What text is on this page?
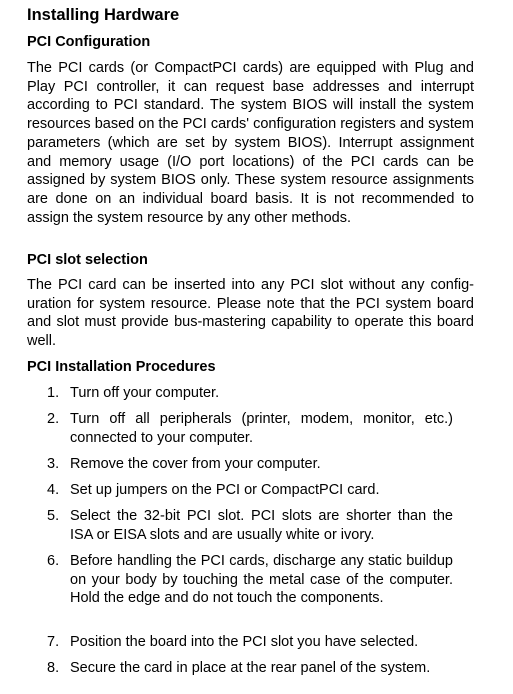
Installing Hardware
PCI Configuration
The PCI cards (or CompactPCI cards) are equipped with Plug and Play PCI controller, it can request base addresses and interrupt according to PCI standard. The system BIOS will install the system resources based on the PCI cards' configuration registers and system parameters (which are set by system BIOS). Interrupt assignment and memory usage (I/O port locations) of the PCI cards can be assigned by system BIOS only. These system resource assignments are done on an individual board basis. It is not recommended to assign the system resource by any other methods.
PCI slot selection
The PCI card can be inserted into any PCI slot without any configuration for system resource. Please note that the PCI system board and slot must provide bus-mastering capability to operate this board well.
PCI Installation Procedures
1. Turn off your computer.
2. Turn off all peripherals (printer, modem, monitor, etc.) connected to your computer.
3. Remove the cover from your computer.
4. Set up jumpers on the PCI or CompactPCI card.
5. Select the 32-bit PCI slot. PCI slots are shorter than the ISA or EISA slots and are usually white or ivory.
6. Before handling the PCI cards, discharge any static buildup on your body by touching the metal case of the computer. Hold the edge and do not touch the components.
7. Position the board into the PCI slot you have selected.
8. Secure the card in place at the rear panel of the system.
